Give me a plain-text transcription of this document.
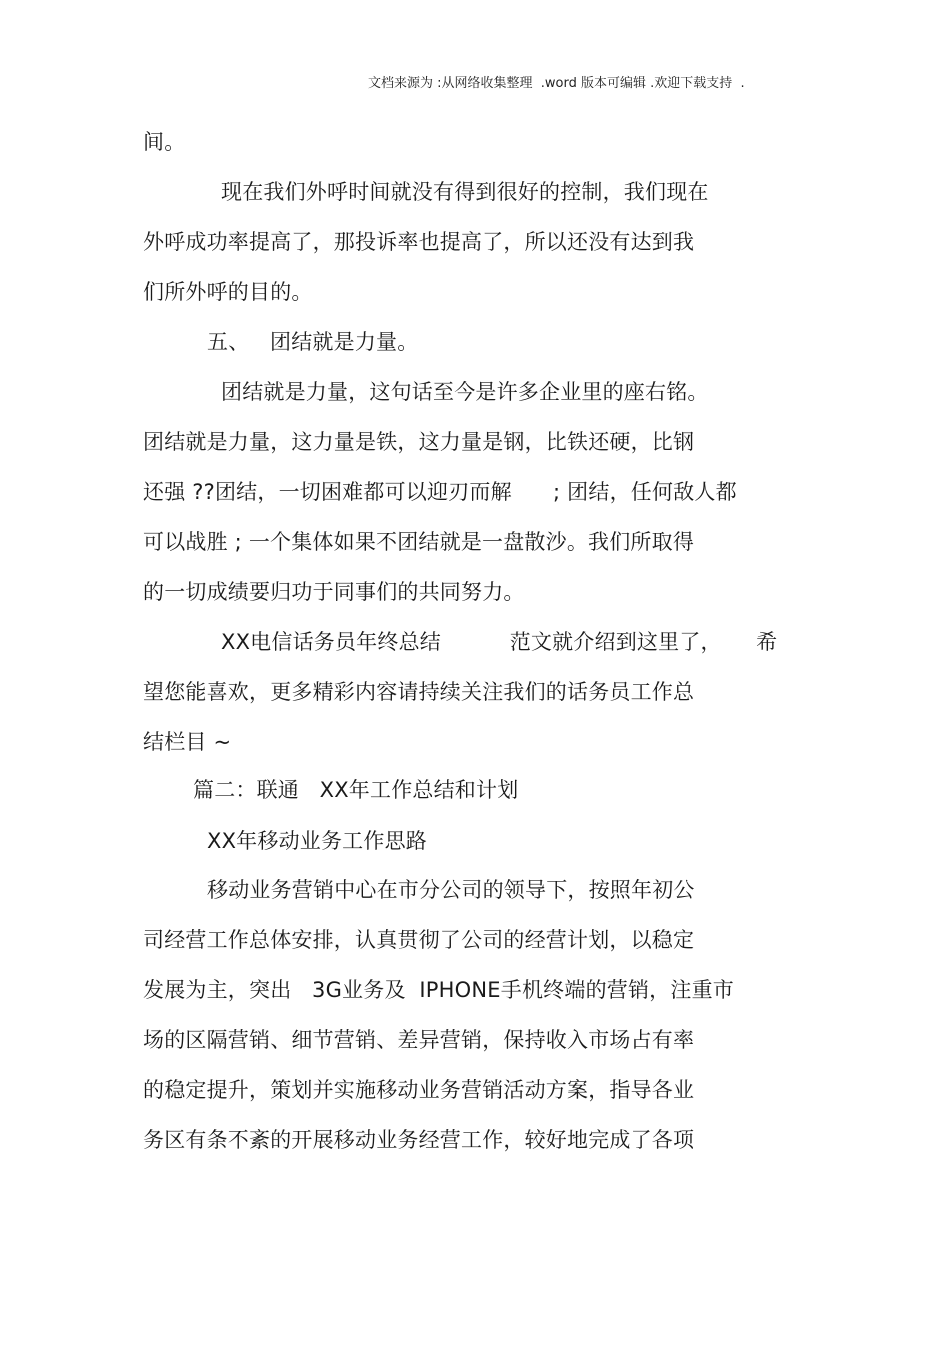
文档来源为 :从网络收集整理  .word 版本可编辑 .欢迎下载支持  .
间。
现在我们外呼时间就没有得到很好的控制，我们现在
外呼成功率提高了，那投诉率也提高了，所以还没有达到我
们所外呼的目的。
五、   团结就是力量。
团结就是力量，这句话至今是许多企业里的座右铭。
团结就是力量，这力量是铁，这力量是钢，比铁还硬，比钢
还强 ??团结，一切困难都可以迎刃而解      ; 团结，任何敌人都
可以战胜 ; 一个集体如果不团结就是一盘散沙。我们所取得
的一切成绩要归功于同事们的共同努力。
XX电信话务员年终总结          范文就介绍到这里了，     希
望您能喜欢，更多精彩内容请持续关注我们的话务员工作总
结栏目 ~
篇二：联通   XX年工作总结和计划
XX年移动业务工作思路
移动业务营销中心在市分公司的领导下，按照年初公
司经营工作总体安排，认真贯彻了公司的经营计划，以稳定
发展为主，突出   3G业务及  IPHONE手机终端的营销，注重市
场的区隔营销、细节营销、差异营销，保持收入市场占有率
的稳定提升，策划并实施移动业务营销活动方案，指导各业
务区有条不紊的开展移动业务经营工作，较好地完成了各项
